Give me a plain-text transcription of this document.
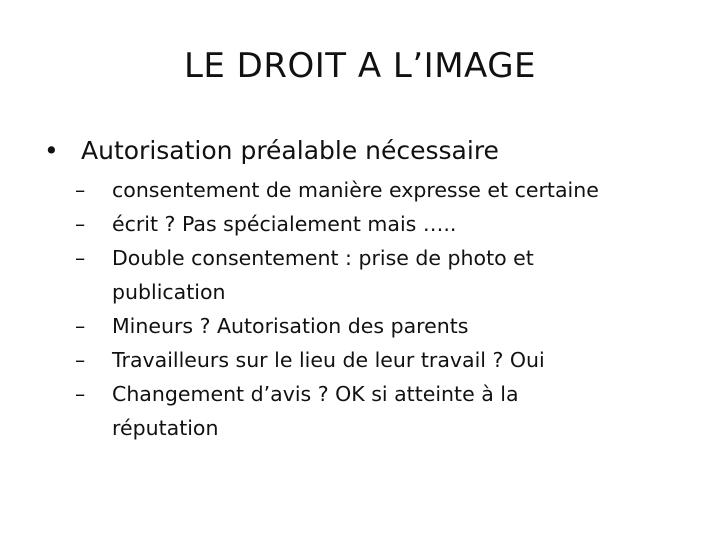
LE DROIT A L’IMAGE
• Autorisation préalable nécessaire
–	consentement de manière expresse et certaine
–	écrit ? Pas spécialement mais …..
–	Double consentement : prise de photo et
publication
–	Mineurs ? Autorisation des parents
–	Travailleurs sur le lieu de leur travail ? Oui
–	Changement d’avis ? OK si atteinte à la
réputation
